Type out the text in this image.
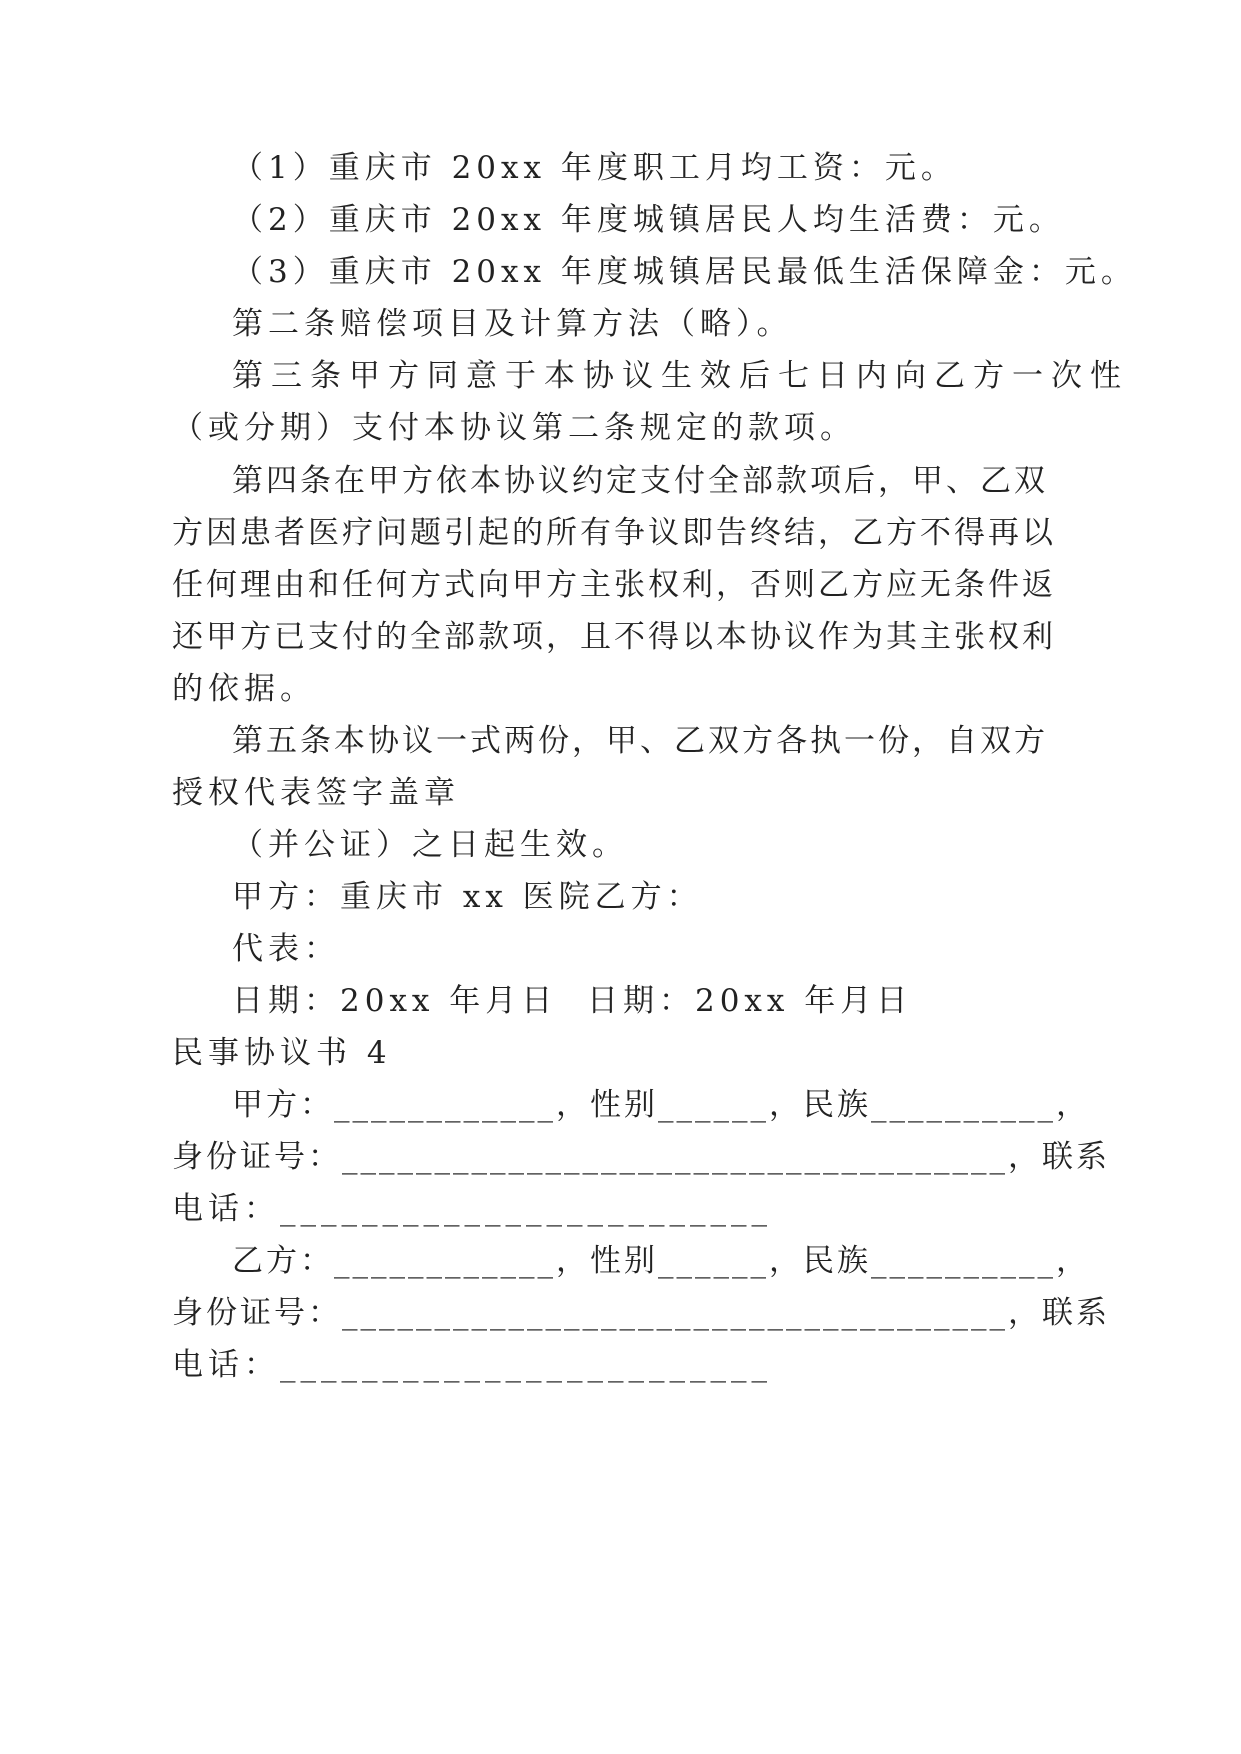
（1）重庆市 20xx 年度职工月均工资：元。
（2）重庆市 20xx 年度城镇居民人均生活费：元。
（3）重庆市 20xx 年度城镇居民最低生活保障金：元。
第二条赔偿项目及计算方法（略）。
第三条甲方同意于本协议生效后七日内向乙方一次性
（或分期）支付本协议第二条规定的款项。
第四条在甲方依本协议约定支付全部款项后，甲、乙双
方因患者医疗问题引起的所有争议即告终结，乙方不得再以
任何理由和任何方式向甲方主张权利，否则乙方应无条件返
还甲方已支付的全部款项，且不得以本协议作为其主张权利
的依据。
第五条本协议一式两份，甲、乙双方各执一份，自双方
授权代表签字盖章
（并公证）之日起生效。
甲方：重庆市 xx 医院乙方：
代表：
日期：20xx 年月日  日期：20xx 年月日
民事协议书 4
甲方：____________，性别______，民族__________，
身份证号：____________________________________，联系
电话：________________________
乙方：____________，性别______，民族__________，
身份证号：____________________________________，联系
电话：________________________
